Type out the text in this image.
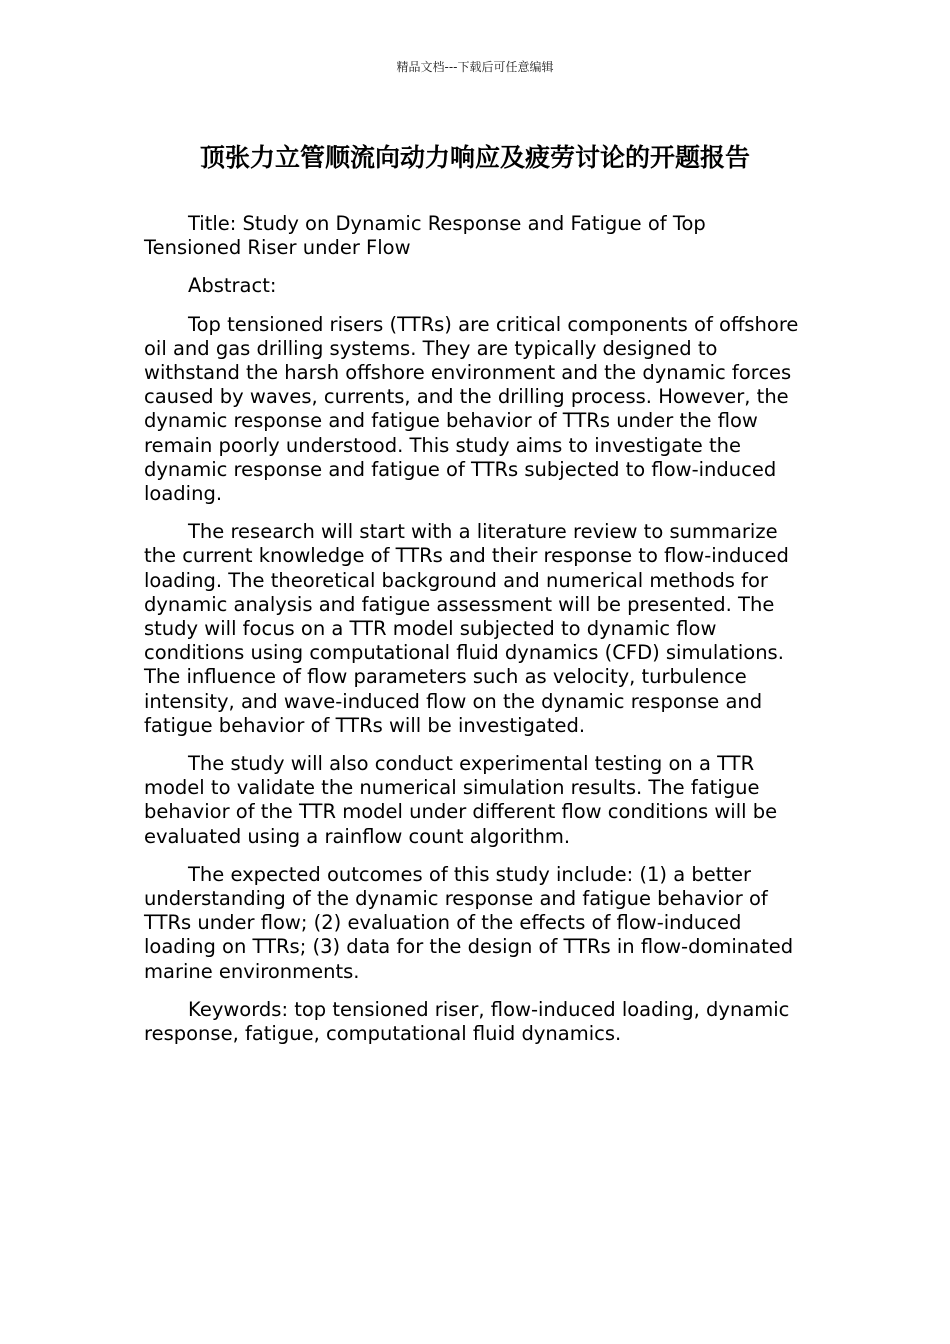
精品文档---下载后可任意编辑
顶张力立管顺流向动力响应及疲劳讨论的开题报告

Title: Study on Dynamic Response and Fatigue of Top Tensioned Riser under Flow

Abstract:

Top tensioned risers (TTRs) are critical components of offshore oil and gas drilling systems. They are typically designed to withstand the harsh offshore environment and the dynamic forces caused by waves, currents, and the drilling process. However, the dynamic response and fatigue behavior of TTRs under the flow remain poorly understood. This study aims to investigate the dynamic response and fatigue of TTRs subjected to flow-induced loading.

The research will start with a literature review to summarize the current knowledge of TTRs and their response to flow-induced loading. The theoretical background and numerical methods for dynamic analysis and fatigue assessment will be presented. The study will focus on a TTR model subjected to dynamic flow conditions using computational fluid dynamics (CFD) simulations. The influence of flow parameters such as velocity, turbulence intensity, and wave-induced flow on the dynamic response and fatigue behavior of TTRs will be investigated.

The study will also conduct experimental testing on a TTR model to validate the numerical simulation results. The fatigue behavior of the TTR model under different flow conditions will be evaluated using a rainflow count algorithm.

The expected outcomes of this study include: (1) a better understanding of the dynamic response and fatigue behavior of TTRs under flow; (2) evaluation of the effects of flow-induced loading on TTRs; (3) data for the design of TTRs in flow-dominated marine environments.

Keywords: top tensioned riser, flow-induced loading, dynamic response, fatigue, computational fluid dynamics.
